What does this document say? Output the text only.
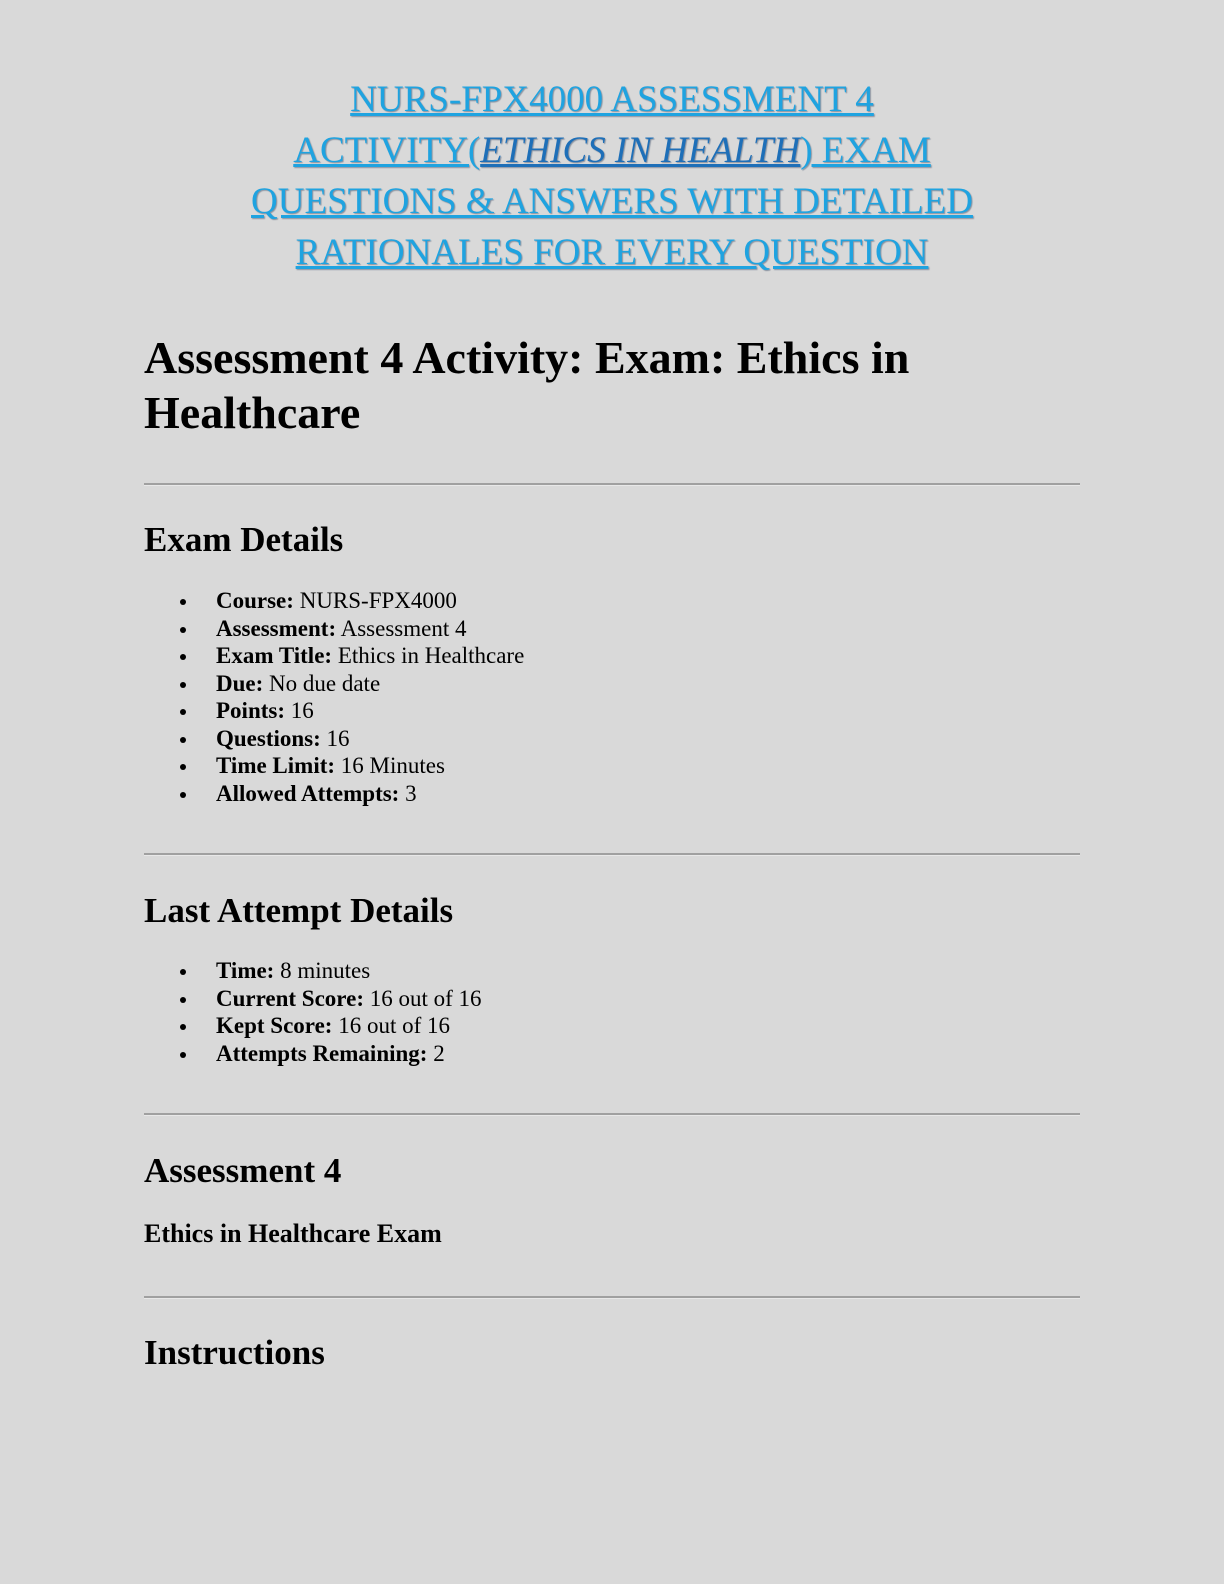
NURS-FPX4000 ASSESSMENT 4
ACTIVITY(ETHICS IN HEALTH) EXAM
QUESTIONS & ANSWERS WITH DETAILED
RATIONALES FOR EVERY QUESTION
Assessment 4 Activity: Exam: Ethics in Healthcare
Exam Details
Course: NURS-FPX4000
Assessment: Assessment 4
Exam Title: Ethics in Healthcare
Due: No due date
Points: 16
Questions: 16
Time Limit: 16 Minutes
Allowed Attempts: 3
Last Attempt Details
Time: 8 minutes
Current Score: 16 out of 16
Kept Score: 16 out of 16
Attempts Remaining: 2
Assessment 4
Ethics in Healthcare Exam
Instructions
